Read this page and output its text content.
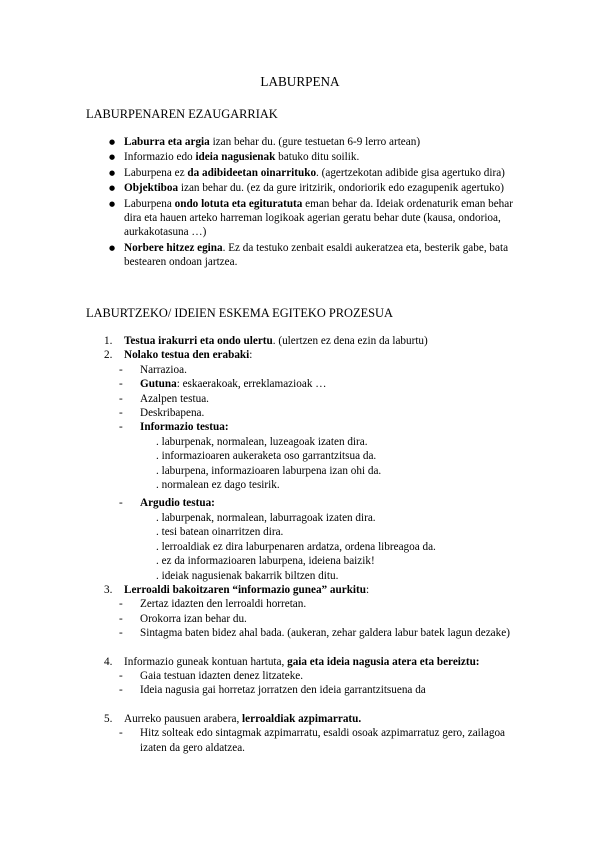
LABURPENA
LABURPENAREN EZAUGARRIAK
● Laburra eta argia izan behar du. (gure testuetan 6-9 lerro artean)
● Informazio edo ideia nagusienak batuko ditu soilik.
● Laburpena ez da adibideetan oinarrituko. (agertzekotan adibide gisa agertuko dira)
● Objektiboa izan behar du. (ez da gure iritzirik, ondoriorik edo ezagupenik agertuko)
● Laburpena ondo lotuta eta egituratuta eman behar da. Ideiak ordenaturik eman behar dira eta hauen arteko harreman logikoak agerian geratu behar dute (kausa, ondorioa, aurkakotasuna …)
● Norbere hitzez egina. Ez da testuko zenbait esaldi aukeratzea eta, besterik gabe, bata bestearen ondoan jartzea.
LABURTZEKO/ IDEIEN ESKEMA EGITEKO PROZESUA
1. Testua irakurri eta ondo ulertu. (ulertzen ez dena ezin da laburtu)
2. Nolako testua den erabaki:
- Narrazioa.
- Gutuna: eskaerakoak, erreklamazioak …
- Azalpen testua.
- Deskribapena.
- Informazio testua:
. laburpenak, normalean, luzeagoak izaten dira.
. informazioaren aukeraketa oso garrantzitsua da.
. laburpena, informazioaren laburpena izan ohi da.
. normalean ez dago tesirik.
- Argudio testua:
. laburpenak, normalean, laburragoak izaten dira.
. tesi batean oinarritzen dira.
. lerroaldiak ez dira laburpenaren ardatza, ordena libreagoa da.
. ez da informazioaren laburpena, ideiena baizik!
. ideiak nagusienak bakarrik biltzen ditu.
3. Lerroaldi bakoitzaren “informazio gunea” aurkitu:
- Zertaz idazten den lerroaldi horretan.
- Orokorra izan behar du.
- Sintagma baten bidez ahal bada. (aukeran, zehar galdera labur batek lagun dezake)
4. Informazio guneak kontuan hartuta, gaia eta ideia nagusia atera eta bereiztu:
- Gaia testuan idazten denez litzateke.
- Ideia nagusia gai horretaz jorratzen den ideia garrantzitsuena da
5. Aurreko pausuen arabera, lerroaldiak azpimarratu.
- Hitz solteak edo sintagmak azpimarratu, esaldi osoak azpimarratuz gero, zailagoa izaten da gero aldatzea.
